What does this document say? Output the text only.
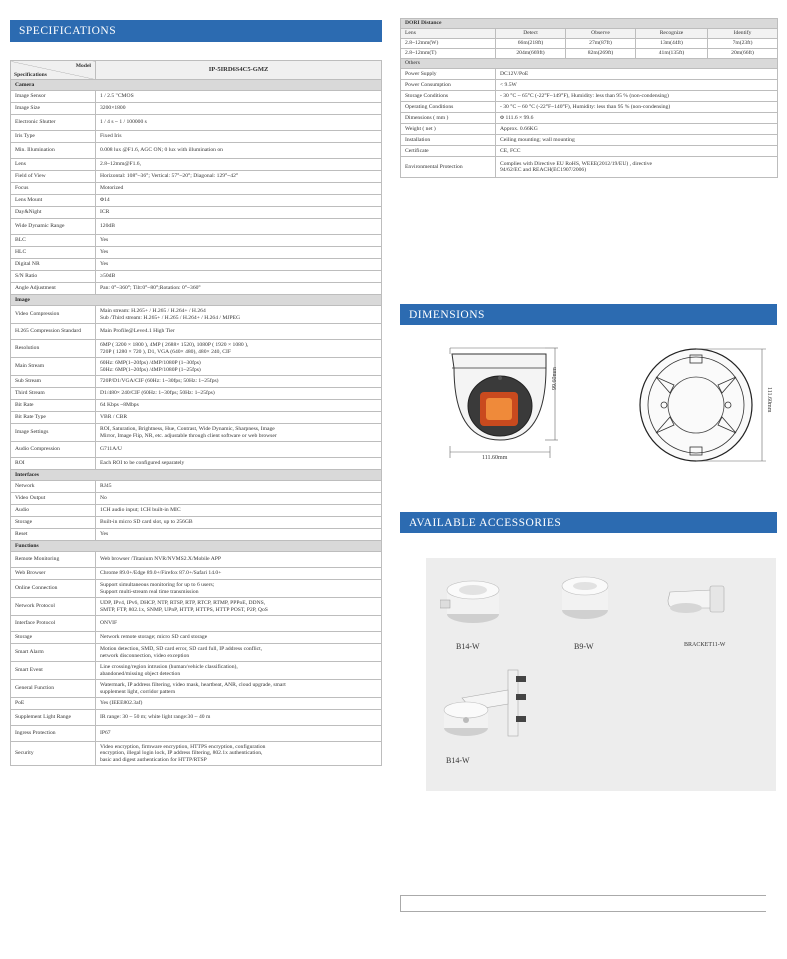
SPECIFICATIONS
Model
Specifications	IP-5IRD6S4C5-GMZ
Camera	
Image Sensor	1 / 2.5 "CMOS
Image Size	3200×1800
Electronic Shutter	1 / 4 s ~ 1 / 100000 s
Iris Type	Fixed Iris
Min. Illumination	0.008 lux @F1.6, AGC ON; 0 lux with illumination on
Lens	2.8~12mm@F1.6,
Field of View	Horizontal: 108°~36°; Vertical: 57°~20°; Diagonal: 129°~42°
Focus	Motorized
Lens Mount	Φ14
Day&Night	ICR
Wide Dynamic Range	120dB
BLC	Yes
HLC	Yes
Digital NR	Yes
S/N Ratio	≥50dB
Angle Adjustment	Pan: 0°~360°; Tilt:0°~80°;Rotation: 0°~360°
Image	
Video Compression	Main stream: H.265+ / H.265 / H.264+ / H.264
Sub /Third stream: H.265+ / H.265 / H.264+ / H.264 / MJPEG
H.265 Compression Standard	Main Profile@Leve4.1 High Tier
Resolution	6MP ( 3200 × 1800 ), 4MP ( 2688× 1520), 1080P ( 1920 × 1080 ),
720P ( 1280 × 720 ), D1, VGA (640× 480), 480× 240, CIF
Main Stream	60Hz: 6MP(1~20fps) /4MP/1080P (1~30fps)
50Hz: 6MP(1~20fps) /4MP/1080P (1~25fps)
Sub Stream	720P/D1/VGA/CIF (60Hz: 1~30fps; 50Hz: 1~25fps)
Third Stream	D1/480× 240/CIF (60Hz: 1~30fps; 50Hz: 1~25fps)
Bit Rate	64 Kbps ~8Mbps
Bit Rate Type	VBR / CBR
Image Settings	ROI, Saturation, Brightness, Hue, Contrast, Wide Dynamic, Sharpness, Image
Mirror, Image Flip, NR, etc. adjustable through client software or web browser
Audio Compression	G711A/U
ROI	Each ROI to be configured separately
Interfaces	
Network	RJ45
Video Output	No
Audio	1CH audio input; 1CH built-in MIC
Storage	Built-in micro SD card slot, up to 256GB
Reset	Yes
Functions	
Remote Monitoring	Web browser /Titanium NVR/NVMS2.X/Mobile APP
Web Browser	Chrome 89.0+/Edge 89.0+/Firefox 87.0+/Safari 14.0+
Online Connection	Support simultaneous monitoring for up to 6 users;
Support multi-stream real time transmission
Network Protocol	UDP, IPv4, IPv6, DHCP, NTP, RTSP, RTP, RTCP, RTMP, PPPoE, DDNS,
SMTP, FTP, 802.1x, SNMP, UPnP, HTTP, HTTPS, HTTP POST, P2P, QoS
Interface Protocol	ONVIF
Storage	Network remote storage; micro SD card storage
Smart Alarm	Motion detection, SMD, SD card error, SD card full, IP address conflict,
network disconnection, video exception
Smart Event	Line crossing/region intrusion (human/vehicle classification),
abandoned/missing object detection
General Function	Watermark, IP address filtering, video mask, heartbeat, ANR, cloud upgrade, smart
supplement light, corridor pattern
PoE	Yes (IEEE802.3af)
Supplement Light Range	IR range: 30 ~ 50 m; white light range:30 ~ 40 m
Ingress Protection	IP67
Security	Video encryption, firmware encryption, HTTPS encryption, configuration
encryption, illegal login lock, IP address filtering, 802.1x authentication,
basic and digest authentication for HTTP/RTSP
DORI Distance				
Lens	Detect	Observe	Recognize	Identify
2.8~12mm(W)	66m(218ft)	27m(87ft)	13m(44ft)	7m(23ft)
2.8~12mm(T)	204m(669ft)	82m(269ft)	41m(135ft)	20m(66ft)
Others				
Power Supply	DC12V/PoE			
Power Consumption	< 9.5W			
Storage Conditions	- 30 °C ~ 65°C (-22°F~149°F), Humidity: less than 95 % (non-condensing)			
Operating Conditions	- 30 °C ~ 60 °C (-22°F~140°F), Humidity: less than 95 % (non-condensing)			
Dimensions ( mm )	Φ 111.6 × 99.6			
Weight ( net )	Approx. 0.66KG			
Installation	Ceiling mounting; wall mounting			
Certificate	CE, FCC			
Environmental Protection	Complies with Directive EU RoHS, WEEE(2012/19/EU) , directive
94/62/EC and REACH(EC1907/2006)			
DIMENSIONS
99.60mm
111.60mm
111.60mm
AVAILABLE ACCESSORIES
B14-W	B9-W	BRACKET11-W
B14-W
